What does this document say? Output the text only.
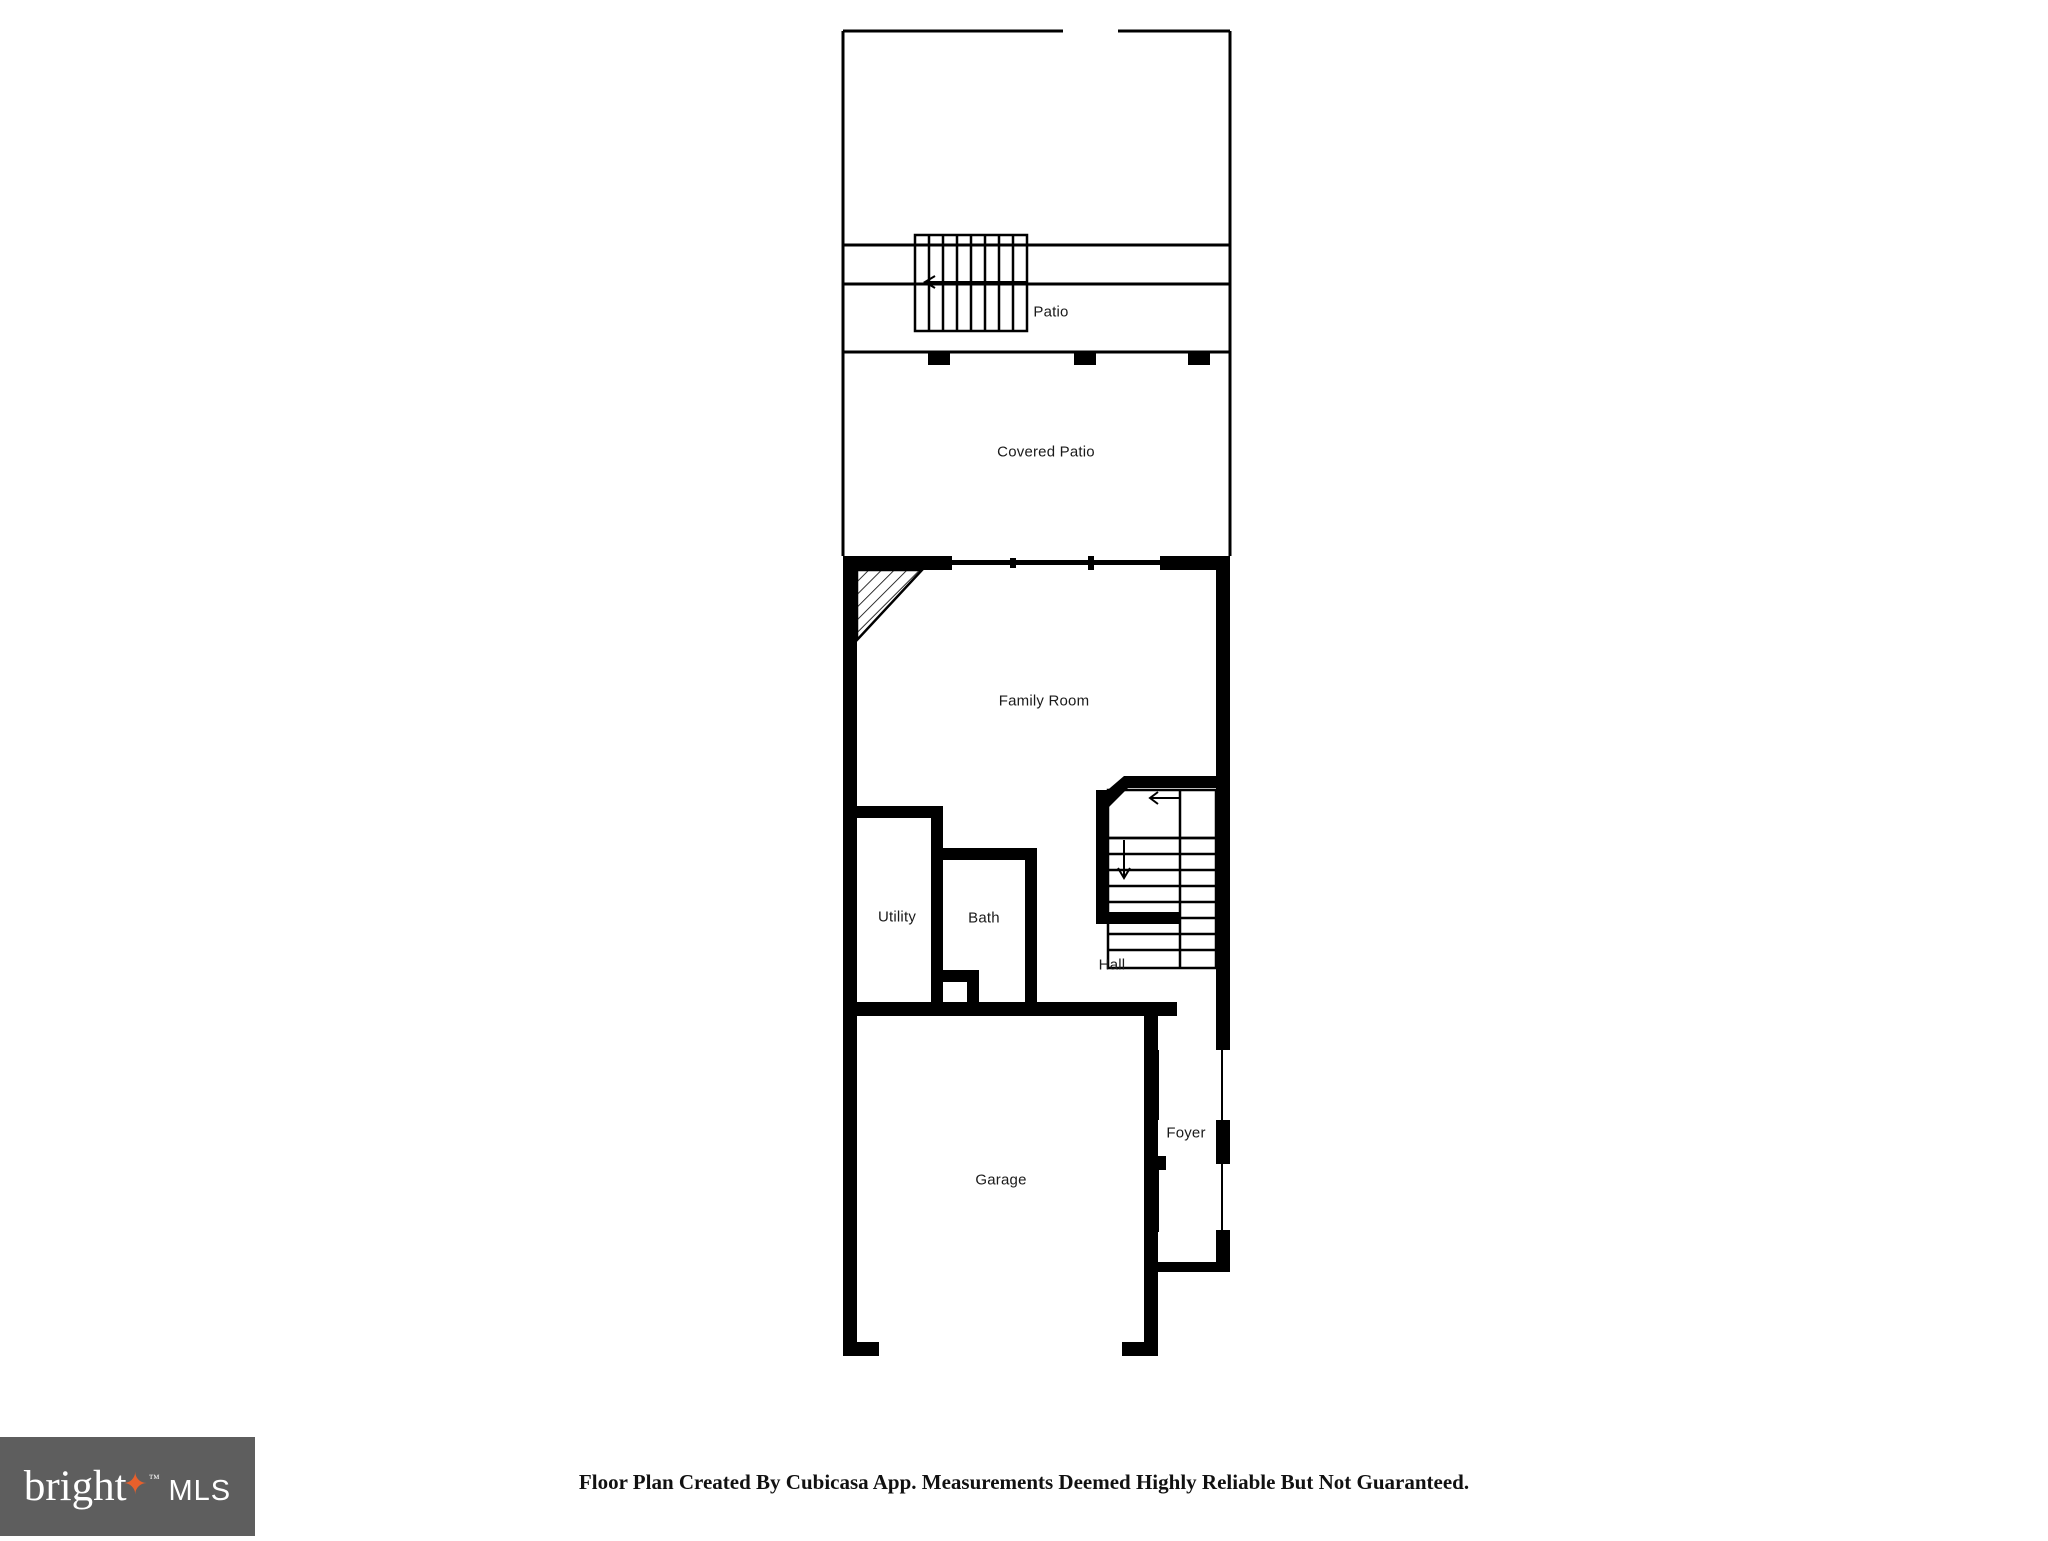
Patio
Covered Patio
Family Room
Utility	Bath
Hall
Foyer
Garage
Floor Plan Created By Cubicasa App. Measurements Deemed Highly Reliable But Not Guaranteed.
bright
✦ ™ MLS
